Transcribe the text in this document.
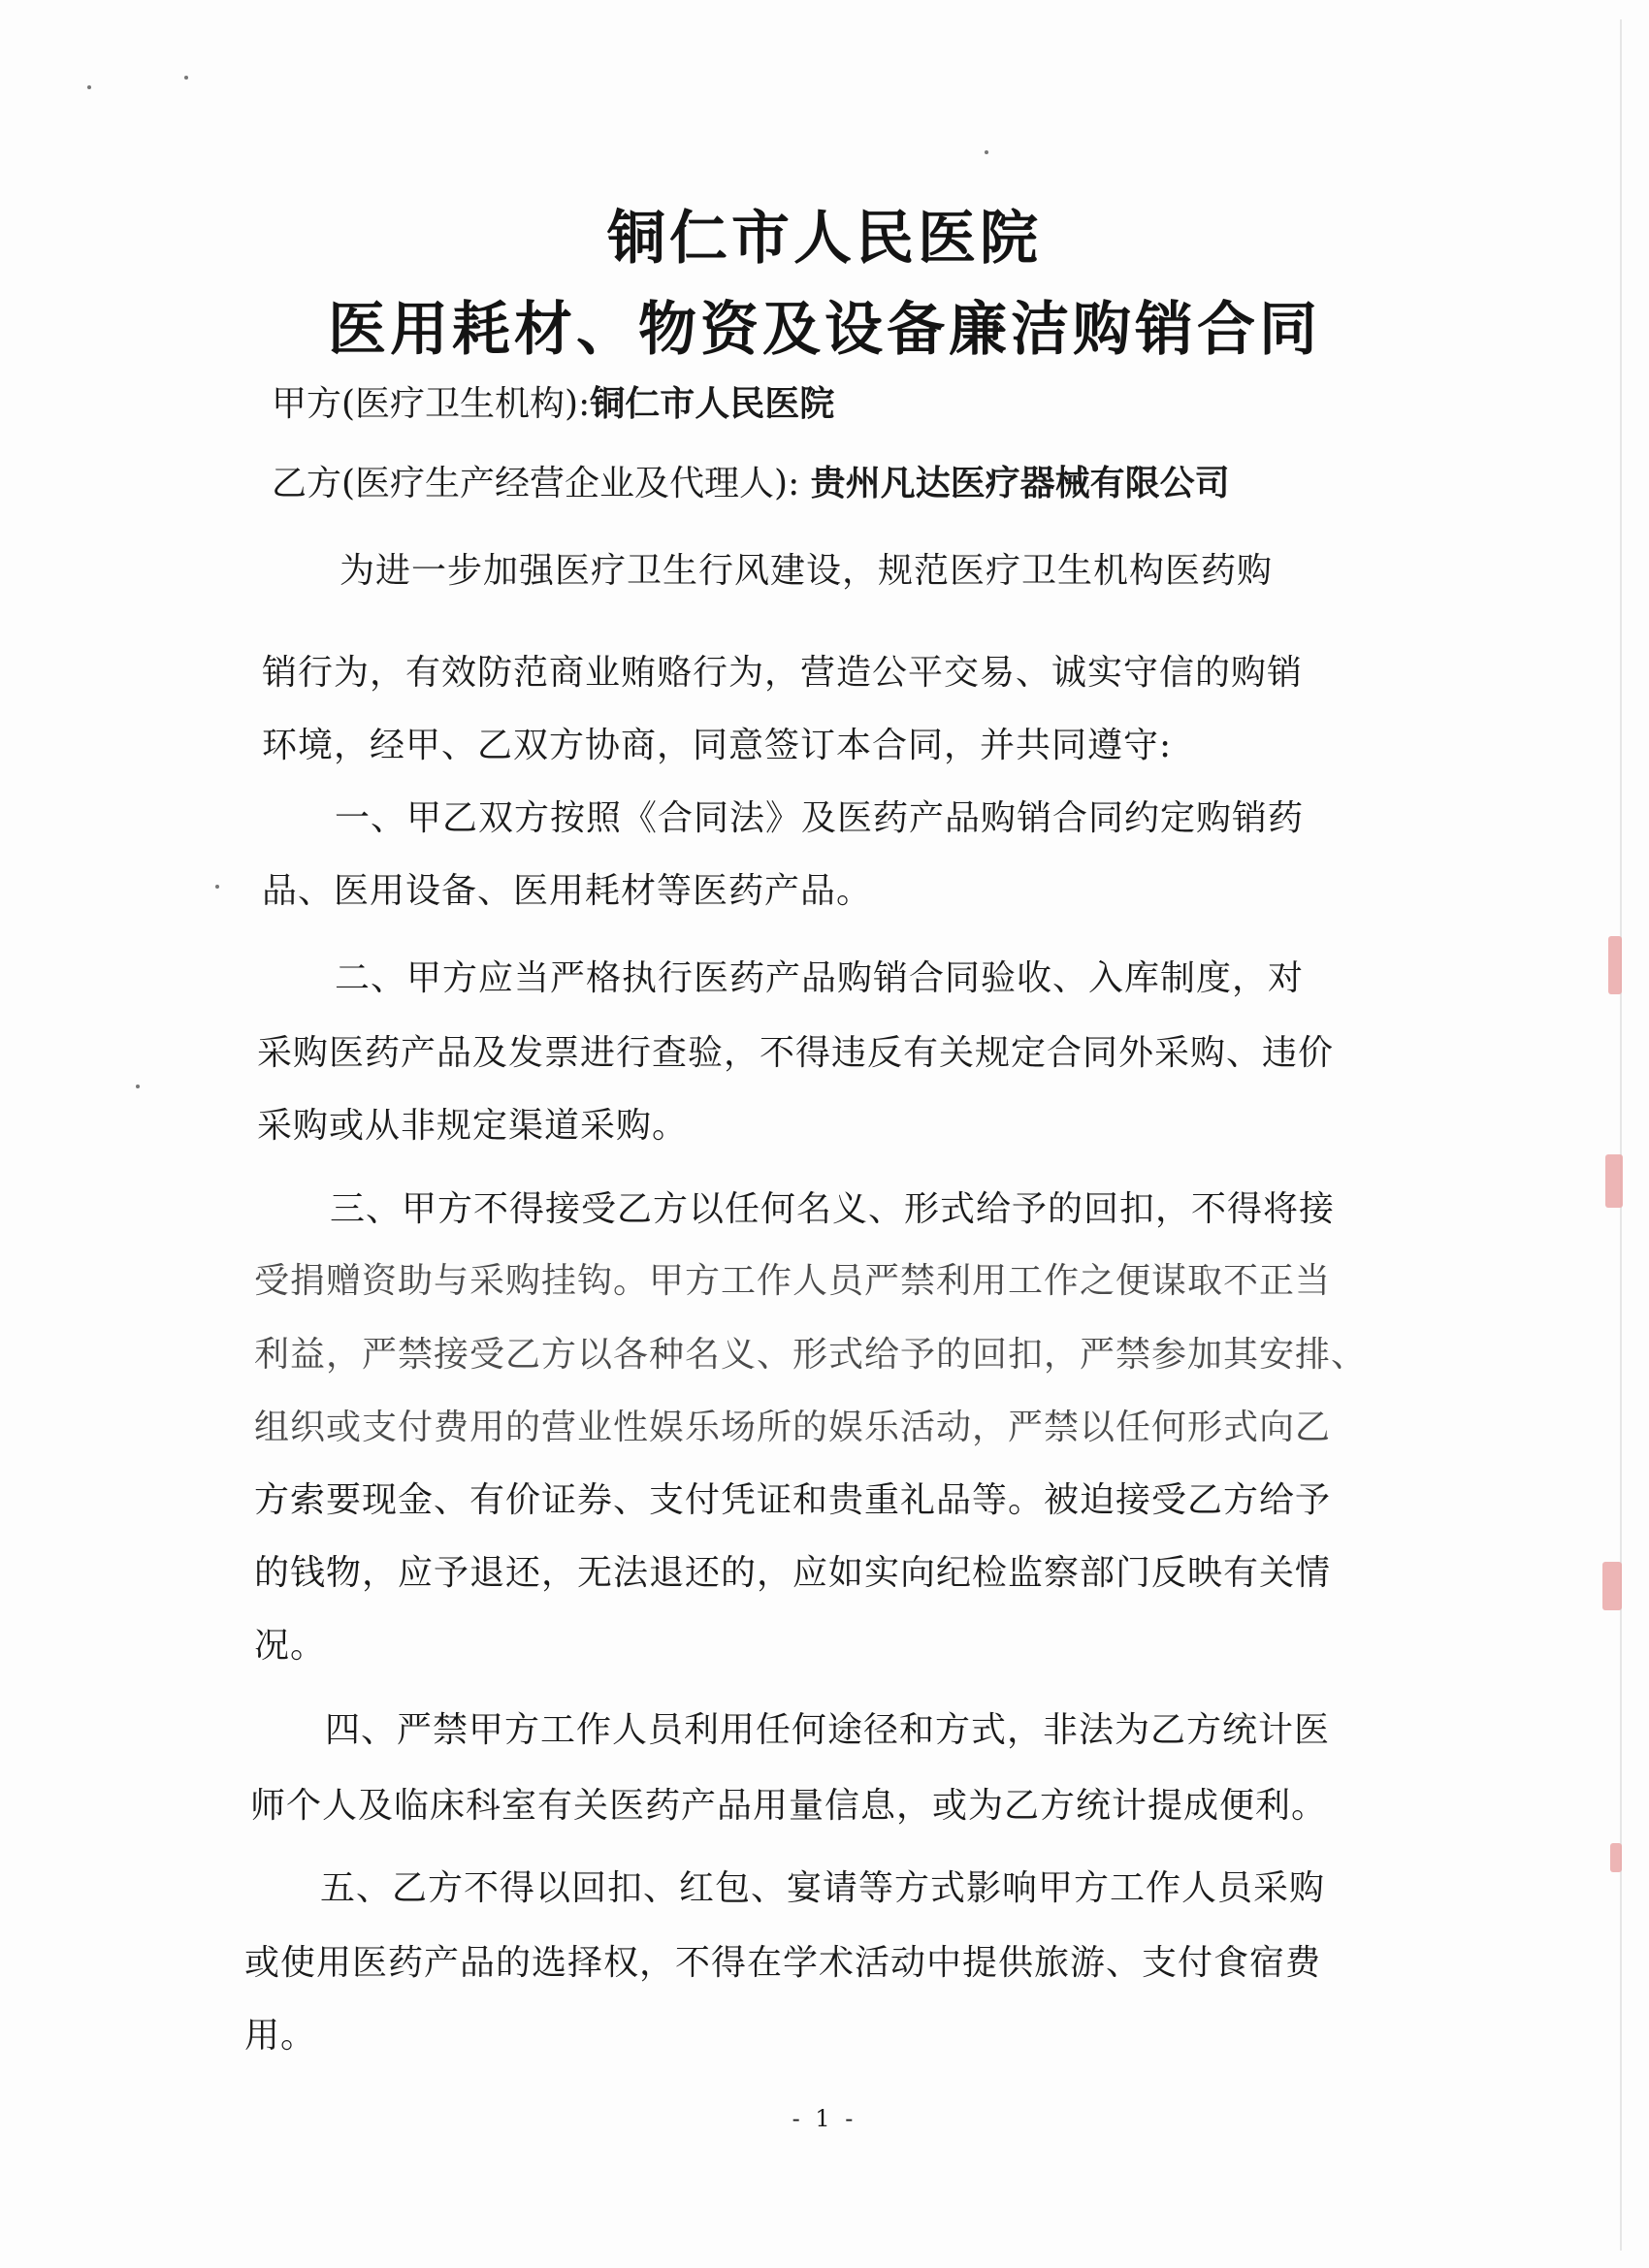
铜仁市人民医院
医用耗材、物资及设备廉洁购销合同
甲方(医疗卫生机构):铜仁市人民医院
乙方(医疗生产经营企业及代理人): 贵州凡达医疗器械有限公司
为进一步加强医疗卫生行风建设，规范医疗卫生机构医药购
销行为，有效防范商业贿赂行为，营造公平交易、诚实守信的购销
环境，经甲、乙双方协商，同意签订本合同，并共同遵守:
一、甲乙双方按照《合同法》及医药产品购销合同约定购销药
品、医用设备、医用耗材等医药产品。
二、甲方应当严格执行医药产品购销合同验收、入库制度，对
采购医药产品及发票进行查验，不得违反有关规定合同外采购、违价
采购或从非规定渠道采购。
三、甲方不得接受乙方以任何名义、形式给予的回扣，不得将接
受捐赠资助与采购挂钩。甲方工作人员严禁利用工作之便谋取不正当
利益，严禁接受乙方以各种名义、形式给予的回扣，严禁参加其安排、
组织或支付费用的营业性娱乐场所的娱乐活动，严禁以任何形式向乙
方索要现金、有价证券、支付凭证和贵重礼品等。被迫接受乙方给予
的钱物，应予退还，无法退还的，应如实向纪检监察部门反映有关情
况。
四、严禁甲方工作人员利用任何途径和方式，非法为乙方统计医
师个人及临床科室有关医药产品用量信息，或为乙方统计提成便利。
五、乙方不得以回扣、红包、宴请等方式影响甲方工作人员采购
或使用医药产品的选择权，不得在学术活动中提供旅游、支付食宿费
用。
- 1 -
